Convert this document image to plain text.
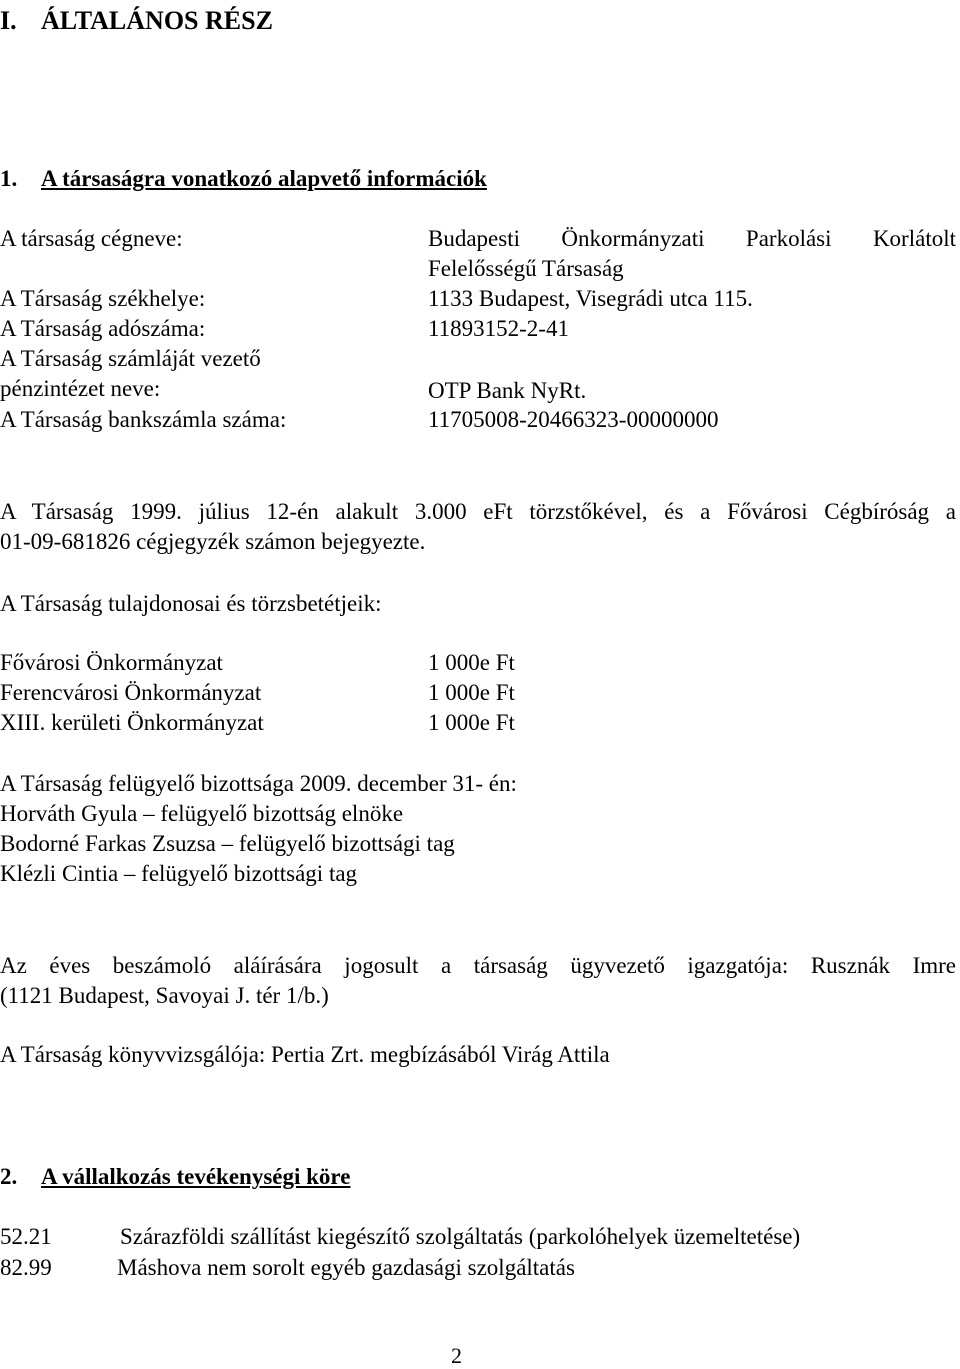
I. ÁLTALÁNOS RÉSZ
1. A társaságra vonatkozó alapvető információk
A társaság cégneve:	Budapesti Önkormányzati Parkolási Korlátolt
Felelősségű Társaság
A Társaság székhelye:	1133 Budapest, Visegrádi utca 115.
A Társaság adószáma:	11893152-2-41
A Társaság számláját vezető
pénzintézet neve:	OTP Bank NyRt.
A Társaság bankszámla száma:	11705008-20466323-00000000
A Társaság 1999. július 12-én alakult 3.000 eFt törzstőkével, és a Fővárosi Cégbíróság a
01-09-681826 cégjegyzék számon bejegyezte.
A Társaság tulajdonosai és törzsbetétjeik:
Fővárosi Önkormányzat	1 000e Ft
Ferencvárosi Önkormányzat	1 000e Ft
XIII. kerületi Önkormányzat	1 000e Ft
A Társaság felügyelő bizottsága 2009. december 31- én:
Horváth Gyula – felügyelő bizottság elnöke
Bodorné Farkas Zsuzsa – felügyelő bizottsági tag
Klézli Cintia – felügyelő bizottsági tag
Az éves beszámoló aláírására jogosult a társaság ügyvezető igazgatója: Rusznák Imre
(1121 Budapest, Savoyai J. tér 1/b.)
A Társaság könyvvizsgálója: Pertia Zrt. megbízásából Virág Attila
2. A vállalkozás tevékenységi köre
52.21	Szárazföldi szállítást kiegészítő szolgáltatás (parkolóhelyek üzemeltetése)
82.99	Máshova nem sorolt egyéb gazdasági szolgáltatás
2
